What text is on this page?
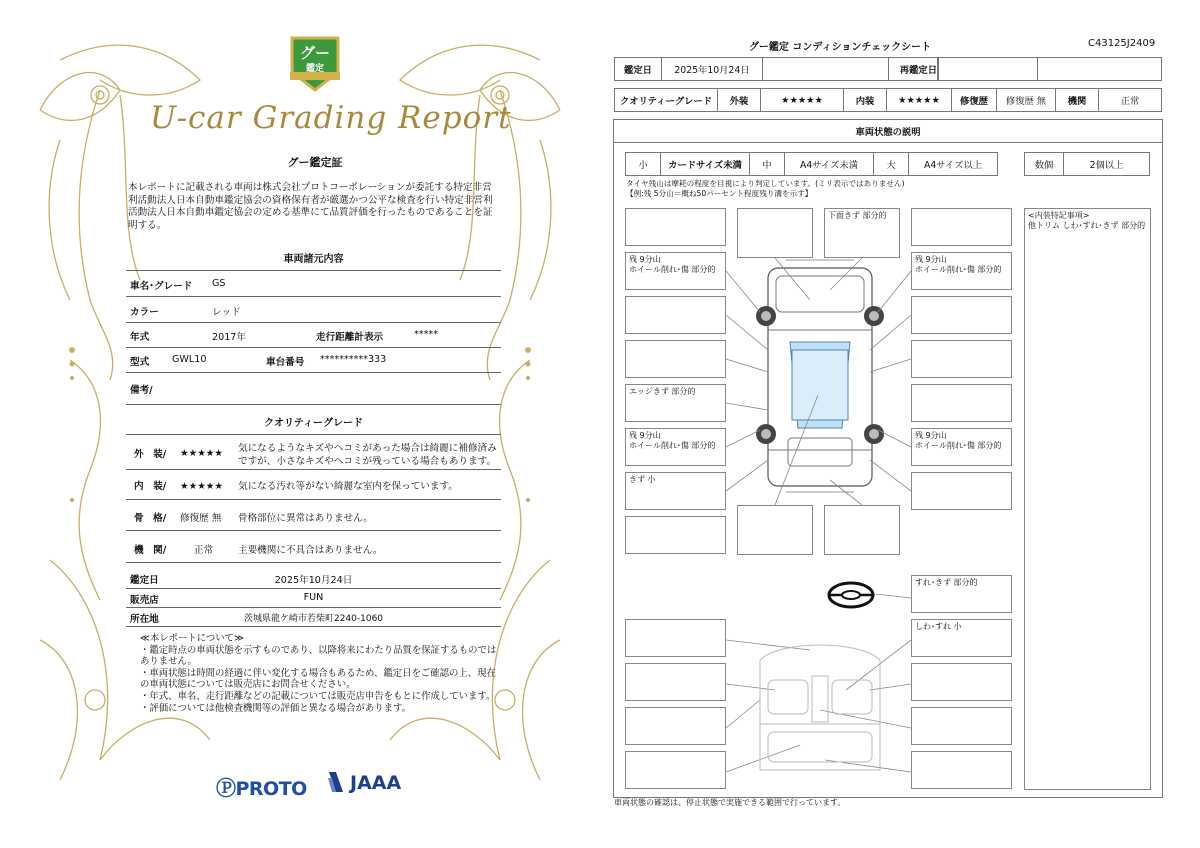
グー
鑑定
U-car Grading Report
グー鑑定証
本レポートに記載される車両は株式会社プロトコーポレーションが委託する特定非営利活動法人日本自動車鑑定協会の資格保有者が厳選かつ公平な検査を行い特定非営利活動法人日本自動車鑑定協会の定める基準にて品質評価を行ったものであることを証明する。
車両諸元内容
車名･グレード GS
カラー	レッド
年式	2017年	走行距離計表示	*****
型式 GWL10	車台番号 **********333
備考/
クオリティーグレード
外　装/ ★★★★★ 気になるようなキズやヘコミがあった場合は綺麗に補修済み
ですが、小さなキズやヘコミが残っている場合もあります。
内　装/ ★★★★★ 気になる汚れ等がない綺麗な室内を保っています。
骨　格/ 修復歴 無 骨格部位に異常はありません。
機　関/	正常	主要機関に不具合はありません。
鑑定日	2025年10月24日
販売店	FUN
所在地	茨城県龍ケ崎市若柴町2240-1060
≪本レポートについて≫
・鑑定時点の車両状態を示すものであり、以降将来にわたり品質を保証するものではありません。
・車両状態は時間の経過に伴い変化する場合もあるため、鑑定日をご確認の上、現在の車両状態については販売店にお問合せください。
・年式、車名、走行距離などの記載については販売店申告をもとに作成しています。
・評価については他検査機関等の評価と異なる場合があります。
ⓅPROTO JAAA
グー鑑定 コンディションチェックシート	C43125J2409
鑑定日	2025年10月24日	再鑑定日
クオリティーグレード	外装	★★★★★	内装	★★★★★	修復歴	修復歴 無	機関	正常
車両状態の説明
小	カードサイズ未満	中	A4サイズ未満	大	A4サイズ以上	数個	2個以上
タイヤ残山は摩耗の程度を目視により判定しています。(ミリ表示ではありません)
【例:残 5分山＝概ね50パーセント程度残り溝を示す】
残 9分山
ホイール削れ･傷 部分的
エッジきず 部分的
残 9分山
ホイール削れ･傷 部分的
きず 小
残 9分山
ホイール削れ･傷 部分的
残 9分山
ホイール削れ･傷 部分的
下面きず 部分的
すれ･きず 部分的
しわ･すれ 小
<内装特記事項>
他トリム しわ･すれ･きず 部分的
車両状態の確認は、停止状態で実施できる範囲で行っています。
